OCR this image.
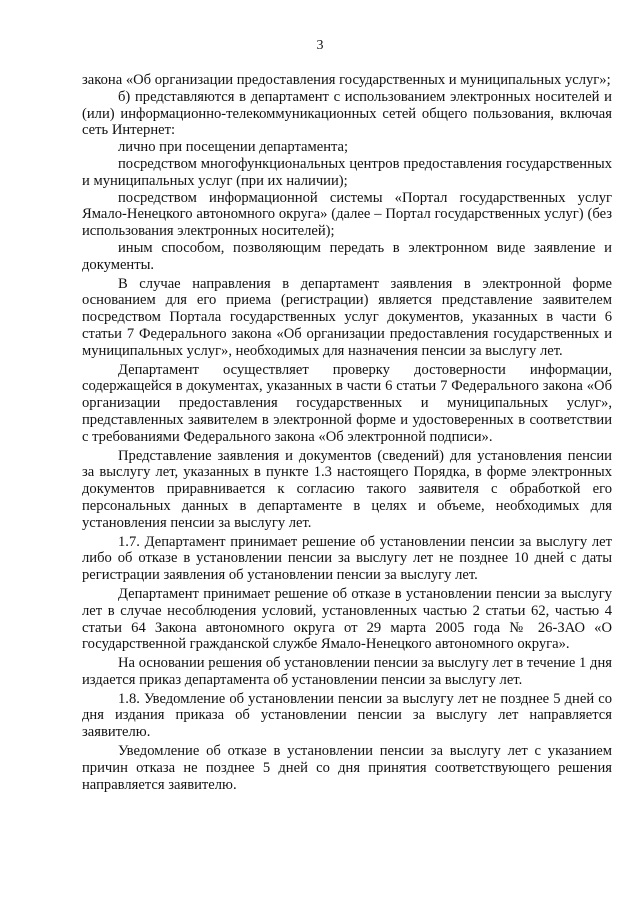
3

закона «Об организации предоставления государственных и муниципальных услуг»;

б) представляются в департамент с использованием электронных носителей и (или) информационно-телекоммуникационных сетей общего пользования, включая сеть Интернет:

лично при посещении департамента;

посредством многофункциональных центров предоставления государственных и муниципальных услуг (при их наличии);

посредством информационной системы «Портал государственных услуг Ямало-Ненецкого автономного округа» (далее – Портал государственных услуг) (без использования электронных носителей);

иным способом, позволяющим передать в электронном виде заявление и документы.

В случае направления в департамент заявления в электронной форме основанием для его приема (регистрации) является представление заявителем посредством Портала государственных услуг документов, указанных в части 6 статьи 7 Федерального закона «Об организации предоставления государственных и муниципальных услуг», необходимых для назначения пенсии за выслугу лет.

Департамент осуществляет проверку достоверности информации, содержащейся в документах, указанных в части 6 статьи 7 Федерального закона «Об организации предоставления государственных и муниципальных услуг», представленных заявителем в электронной форме и удостоверенных в соответствии с требованиями Федерального закона «Об электронной подписи».

Представление заявления и документов (сведений) для установления пенсии за выслугу лет, указанных в пункте 1.3 настоящего Порядка, в форме электронных документов приравнивается к согласию такого заявителя с обработкой его персональных данных в департаменте в целях и объеме, необходимых для установления пенсии за выслугу лет.

1.7. Департамент принимает решение об установлении пенсии за выслугу лет либо об отказе в установлении пенсии за выслугу лет не позднее 10 дней с даты регистрации заявления об установлении пенсии за выслугу лет.

Департамент принимает решение об отказе в установлении пенсии за выслугу лет в случае несоблюдения условий, установленных частью 2 статьи 62, частью 4 статьи 64 Закона автономного округа от 29 марта 2005 года № 26-ЗАО «О государственной гражданской службе Ямало-Ненецкого автономного округа».

На основании решения об установлении пенсии за выслугу лет в течение 1 дня издается приказ департамента об установлении пенсии за выслугу лет.

1.8. Уведомление об установлении пенсии за выслугу лет не позднее 5 дней со дня издания приказа об установлении пенсии за выслугу лет направляется заявителю.

Уведомление об отказе в установлении пенсии за выслугу лет с указанием причин отказа не позднее 5 дней со дня принятия соответствующего решения направляется заявителю.
